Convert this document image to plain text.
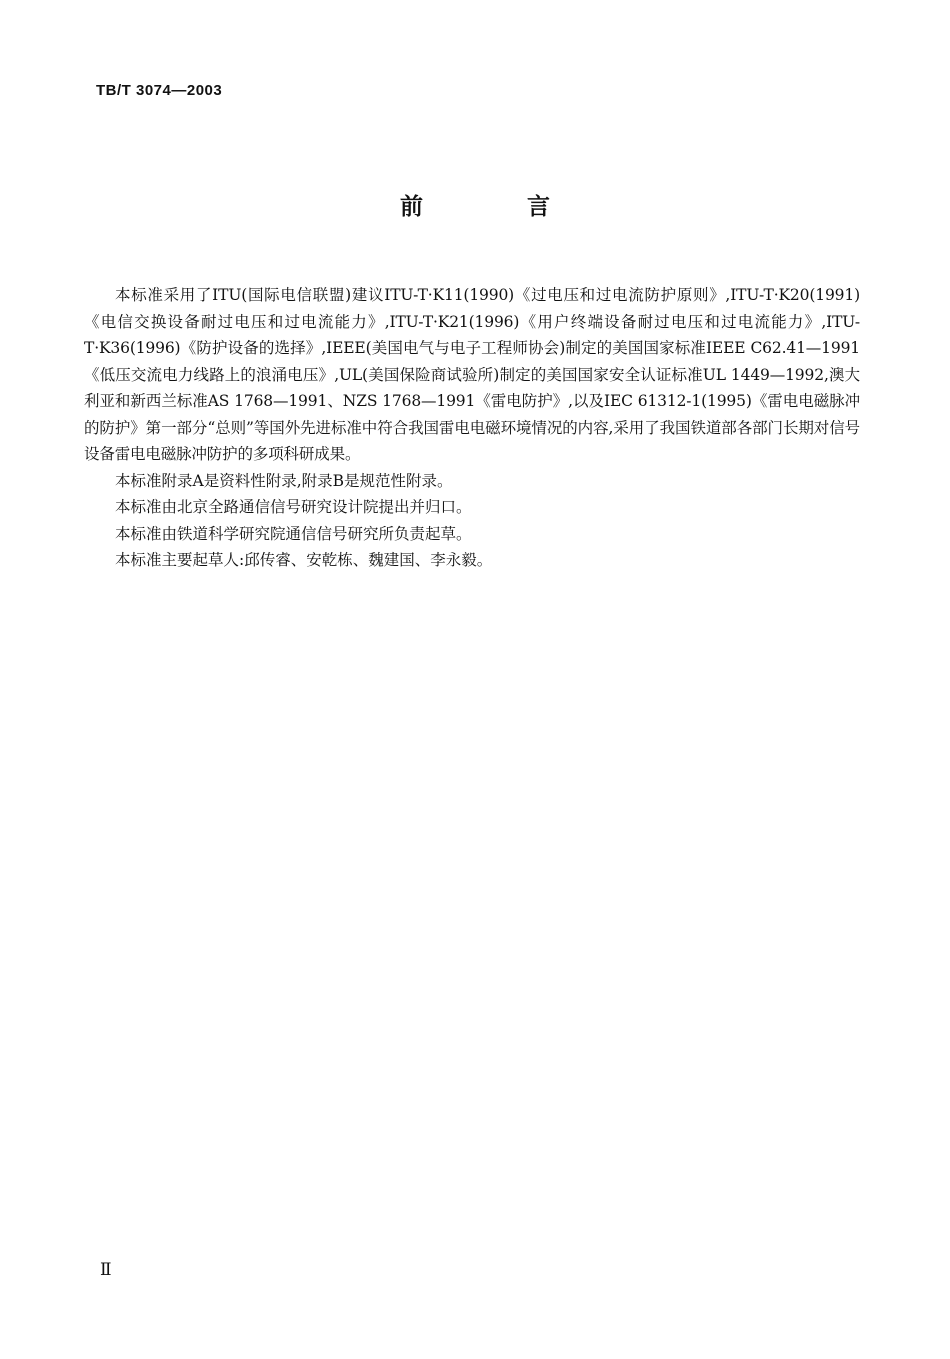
TB/T 3074—2003
前 言

本标准采用了ITU(国际电信联盟)建议ITU-T·K11(1990)《过电压和过电流防护原则》,ITU-T·K20(1991)《电信交换设备耐过电压和过电流能力》,ITU-T·K21(1996)《用户终端设备耐过电压和过电流能力》,ITU-T·K36(1996)《防护设备的选择》,IEEE(美国电气与电子工程师协会)制定的美国国家标准IEEE C62.41—1991《低压交流电力线路上的浪涌电压》,UL(美国保险商试验所)制定的美国国家安全认证标准UL 1449—1992,澳大利亚和新西兰标准AS 1768—1991、NZS 1768—1991《雷电防护》,以及IEC 61312-1(1995)《雷电电磁脉冲的防护》第一部分“总则”等国外先进标准中符合我国雷电电磁环境情况的内容,采用了我国铁道部各部门长期对信号设备雷电电磁脉冲防护的多项科研成果。

本标准附录A是资料性附录,附录B是规范性附录。

本标准由北京全路通信信号研究设计院提出并归口。

本标准由铁道科学研究院通信信号研究所负责起草。

本标准主要起草人:邱传睿、安乾栋、魏建国、李永毅。

Ⅱ
